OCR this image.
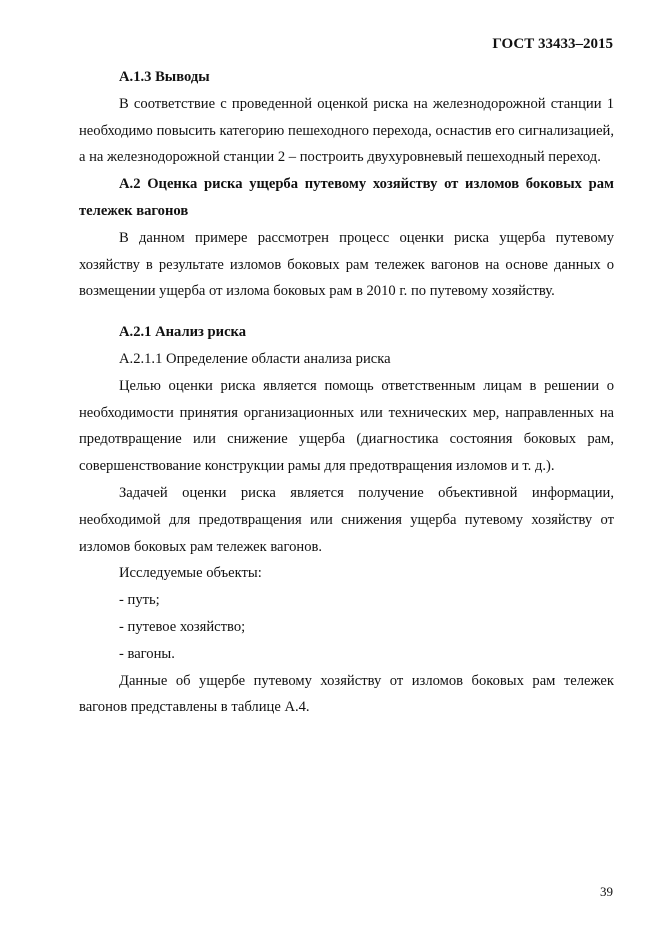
ГОСТ 33433–2015

А.1.3 Выводы

В соответствие с проведенной оценкой риска на железнодорожной станции 1 необходимо повысить категорию пешеходного перехода, оснастив его сигнализацией, а на железнодорожной станции 2 – построить двухуровневый пешеходный переход.

А.2 Оценка риска ущерба путевому хозяйству от изломов боковых рам тележек вагонов

В данном примере рассмотрен процесс оценки риска ущерба путевому хозяйству в результате изломов боковых рам тележек вагонов на основе данных о возмещении ущерба от излома боковых рам в 2010 г. по путевому хозяйству.

А.2.1 Анализ риска

А.2.1.1 Определение области анализа риска

Целью оценки риска является помощь ответственным лицам в решении о необходимости принятия организационных или технических мер, направленных на предотвращение или снижение ущерба (диагностика состояния боковых рам, совершенствование конструкции рамы для предотвращения изломов и т. д.).

Задачей оценки риска является получение объективной информации, необходимой для предотвращения или снижения ущерба путевому хозяйству от изломов боковых рам тележек вагонов.

Исследуемые объекты:

- путь;

- путевое хозяйство;

- вагоны.

Данные об ущербе путевому хозяйству от изломов боковых рам тележек вагонов представлены в таблице А.4.

39
